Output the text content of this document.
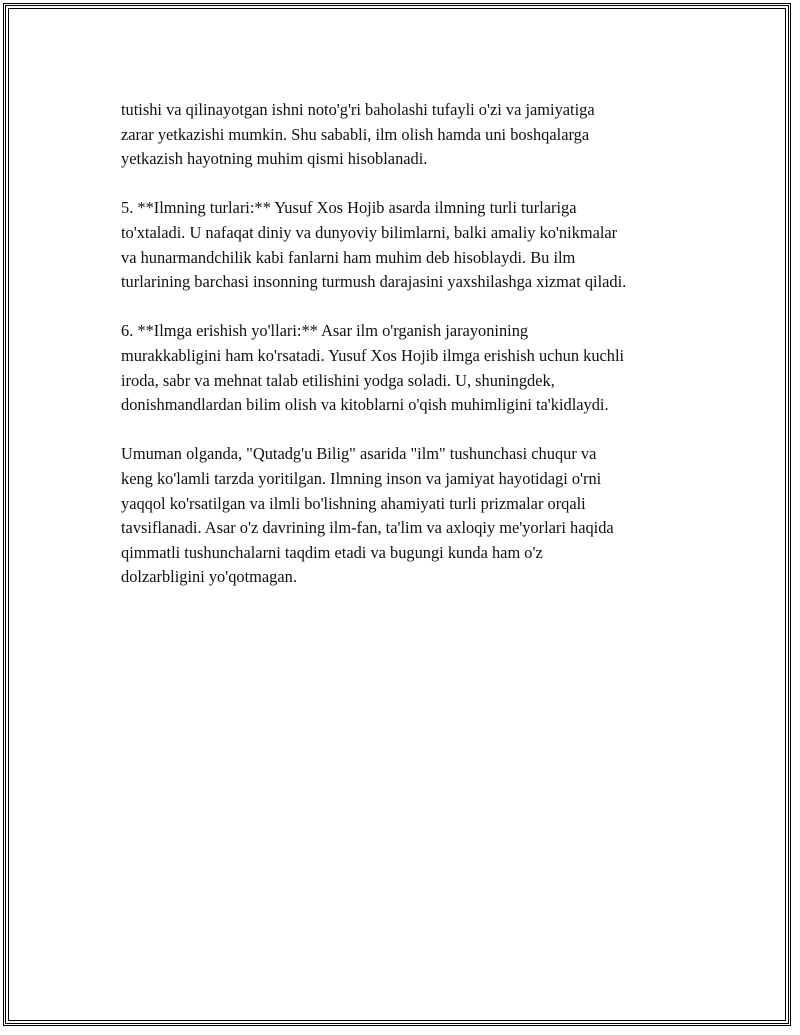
tutishi va qilinayotgan ishni noto'g'ri baholashi tufayli o'zi va jamiyatiga
zarar yetkazishi mumkin. Shu sababli, ilm olish hamda uni boshqalarga
yetkazish hayotning muhim qismi hisoblanadi.

5. **Ilmning turlari:** Yusuf Xos Hojib asarda ilmning turli turlariga
to'xtaladi. U nafaqat diniy va dunyoviy bilimlarni, balki amaliy ko'nikmalar
va hunarmandchilik kabi fanlarni ham muhim deb hisoblaydi. Bu ilm
turlarining barchasi insonning turmush darajasini yaxshilashga xizmat qiladi.

6. **Ilmga erishish yo'llari:** Asar ilm o'rganish jarayonining
murakkabligini ham ko'rsatadi. Yusuf Xos Hojib ilmga erishish uchun kuchli
iroda, sabr va mehnat talab etilishini yodga soladi. U, shuningdek,
donishmandlardan bilim olish va kitoblarni o'qish muhimligini ta'kidlaydi.

Umuman olganda, "Qutadg'u Bilig" asarida "ilm" tushunchasi chuqur va
keng ko'lamli tarzda yoritilgan. Ilmning inson va jamiyat hayotidagi o'rni
yaqqol ko'rsatilgan va ilmli bo'lishning ahamiyati turli prizmalar orqali
tavsiflanadi. Asar o'z davrining ilm-fan, ta'lim va axloqiy me'yorlari haqida
qimmatli tushunchalarni taqdim etadi va bugungi kunda ham o'z
dolzarbligini yo'qotmagan.
